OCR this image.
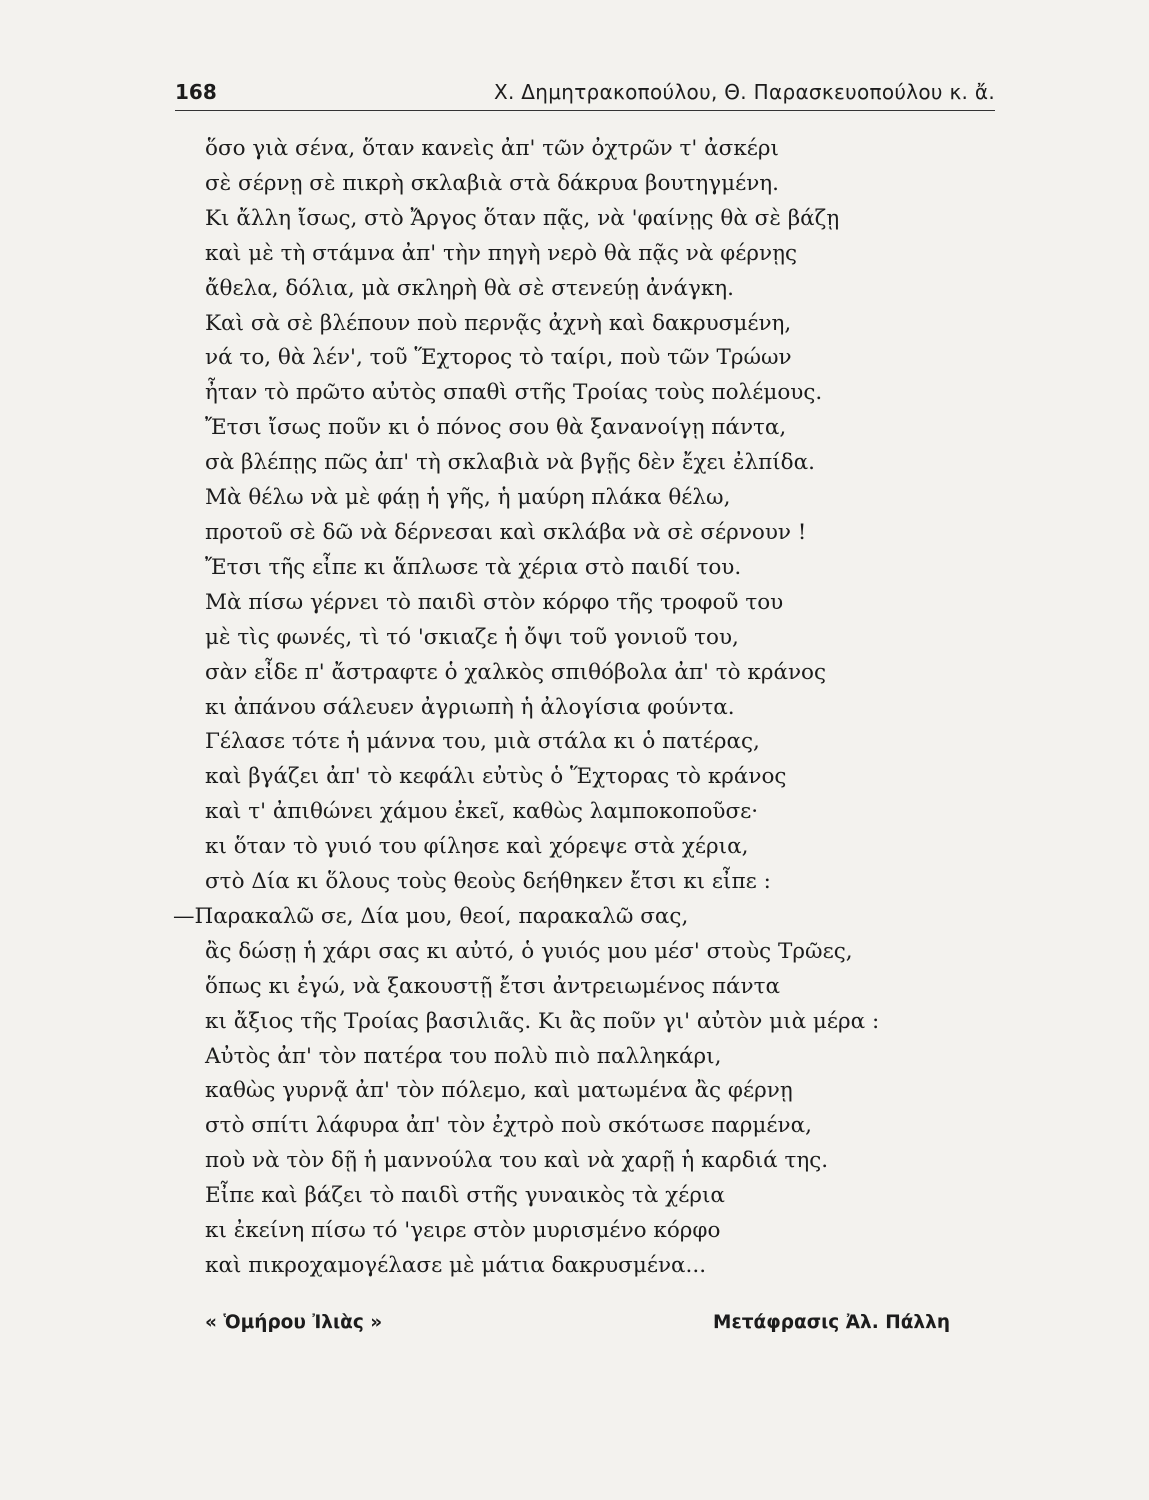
168	Χ. Δημητρακοπούλου, Θ. Παρασκευοπούλου κ. ἄ.
ὅσο γιὰ σένα, ὅταν κανεὶς ἀπ' τῶν ὀχτρῶν τ' ἀσκέρι
σὲ σέρνῃ σὲ πικρὴ σκλαβιὰ στὰ δάκρυα βουτηγμένη.
Κι ἄλλη ἴσως, στὸ Ἄργος ὅταν πᾷς, νὰ 'φαίνῃς θὰ σὲ βάζῃ
καὶ μὲ τὴ στάμνα ἀπ' τὴν πηγὴ νερὸ θὰ πᾷς νὰ φέρνῃς
ἄθελα, δόλια, μὰ σκληρὴ θὰ σὲ στενεύῃ ἀνάγκη.
Καὶ σὰ σὲ βλέπουν ποὺ περνᾷς ἀχνὴ καὶ δακρυσμένη,
νά το, θὰ λέν', τοῦ Ἕχτορος τὸ ταίρι, ποὺ τῶν Τρώων
ἦταν τὸ πρῶτο αὐτὸς σπαθὶ στῆς Τροίας τοὺς πολέμους.
Ἔτσι ἴσως ποῦν κι ὁ πόνος σου θὰ ξανανοίγῃ πάντα,
σὰ βλέπῃς πῶς ἀπ' τὴ σκλαβιὰ νὰ βγῇς δὲν ἔχει ἐλπίδα.
Μὰ θέλω νὰ μὲ φάῃ ἡ γῆς, ἡ μαύρη πλάκα θέλω,
προτοῦ σὲ δῶ νὰ δέρνεσαι καὶ σκλάβα νὰ σὲ σέρνουν !
Ἔτσι τῆς εἶπε κι ἅπλωσε τὰ χέρια στὸ παιδί του.
Μὰ πίσω γέρνει τὸ παιδὶ στὸν κόρφο τῆς τροφοῦ του
μὲ τὶς φωνές, τὶ τό 'σκιαζε ἡ ὄψι τοῦ γονιοῦ του,
σὰν εἶδε π' ἄστραφτε ὁ χαλκὸς σπιθόβολα ἀπ' τὸ κράνος
κι ἀπάνου σάλευεν ἀγριωπὴ ἡ ἀλογίσια φούντα.
Γέλασε τότε ἡ μάννα του, μιὰ στάλα κι ὁ πατέρας,
καὶ βγάζει ἀπ' τὸ κεφάλι εὐτὺς ὁ Ἕχτορας τὸ κράνος
καὶ τ' ἀπιθώνει χάμου ἐκεῖ, καθὼς λαμποκοποῦσε·
κι ὅταν τὸ γυιό του φίλησε καὶ χόρεψε στὰ χέρια,
στὸ Δία κι ὅλους τοὺς θεοὺς δεήθηκεν ἔτσι κι εἶπε :
—Παρακαλῶ σε, Δία μου, θεοί, παρακαλῶ σας,
ἂς δώσῃ ἡ χάρι σας κι αὐτό, ὁ γυιός μου μέσ' στοὺς Τρῶες,
ὅπως κι ἐγώ, νὰ ξακουστῇ ἔτσι ἀντρειωμένος πάντα
κι ἄξιος τῆς Τροίας βασιλιᾶς. Κι ἂς ποῦν γι' αὐτὸν μιὰ μέρα :
Αὐτὸς ἀπ' τὸν πατέρα του πολὺ πιὸ παλληκάρι,
καθὼς γυρνᾷ ἀπ' τὸν πόλεμο, καὶ ματωμένα ἂς φέρνῃ
στὸ σπίτι λάφυρα ἀπ' τὸν ἐχτρὸ ποὺ σκότωσε παρμένα,
ποὺ νὰ τὸν δῇ ἡ μαννούλα του καὶ νὰ χαρῇ ἡ καρδιά της.
Εἶπε καὶ βάζει τὸ παιδὶ στῆς γυναικὸς τὰ χέρια
κι ἐκείνη πίσω τό 'γειρε στὸν μυρισμένο κόρφο
καὶ πικροχαμογέλασε μὲ μάτια δακρυσμένα...
« Ὁμήρου Ἰλιὰς »	Μετάφρασις Ἀλ. Πάλλη
